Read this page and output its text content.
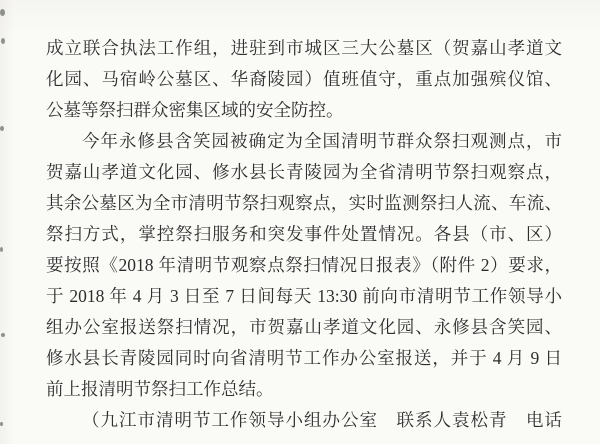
成立联合执法工作组，进驻到市城区三大公墓区（贺嘉山孝道文
化园、马宿岭公墓区、华裔陵园）值班值守，重点加强殡仪馆、
公墓等祭扫群众密集区域的安全防控。
今年永修县含笑园被确定为全国清明节群众祭扫观测点，市
贺嘉山孝道文化园、修水县长青陵园为全省清明节祭扫观察点，
其余公墓区为全市清明节祭扫观察点，实时监测祭扫人流、车流、
祭扫方式，掌控祭扫服务和突发事件处置情况。各县（市、区）
要按照《2018 年清明节观察点祭扫情况日报表》（附件 2）要求，
于 2018 年 4 月 3 日至 7 日间每天 13:30 前向市清明节工作领导小
组办公室报送祭扫情况，市贺嘉山孝道文化园、永修县含笑园、
修水县长青陵园同时向省清明节工作办公室报送，并于 4 月 9 日
前上报清明节祭扫工作总结。
（九江市清明节工作领导小组办公室　联系人袁松青　电话
